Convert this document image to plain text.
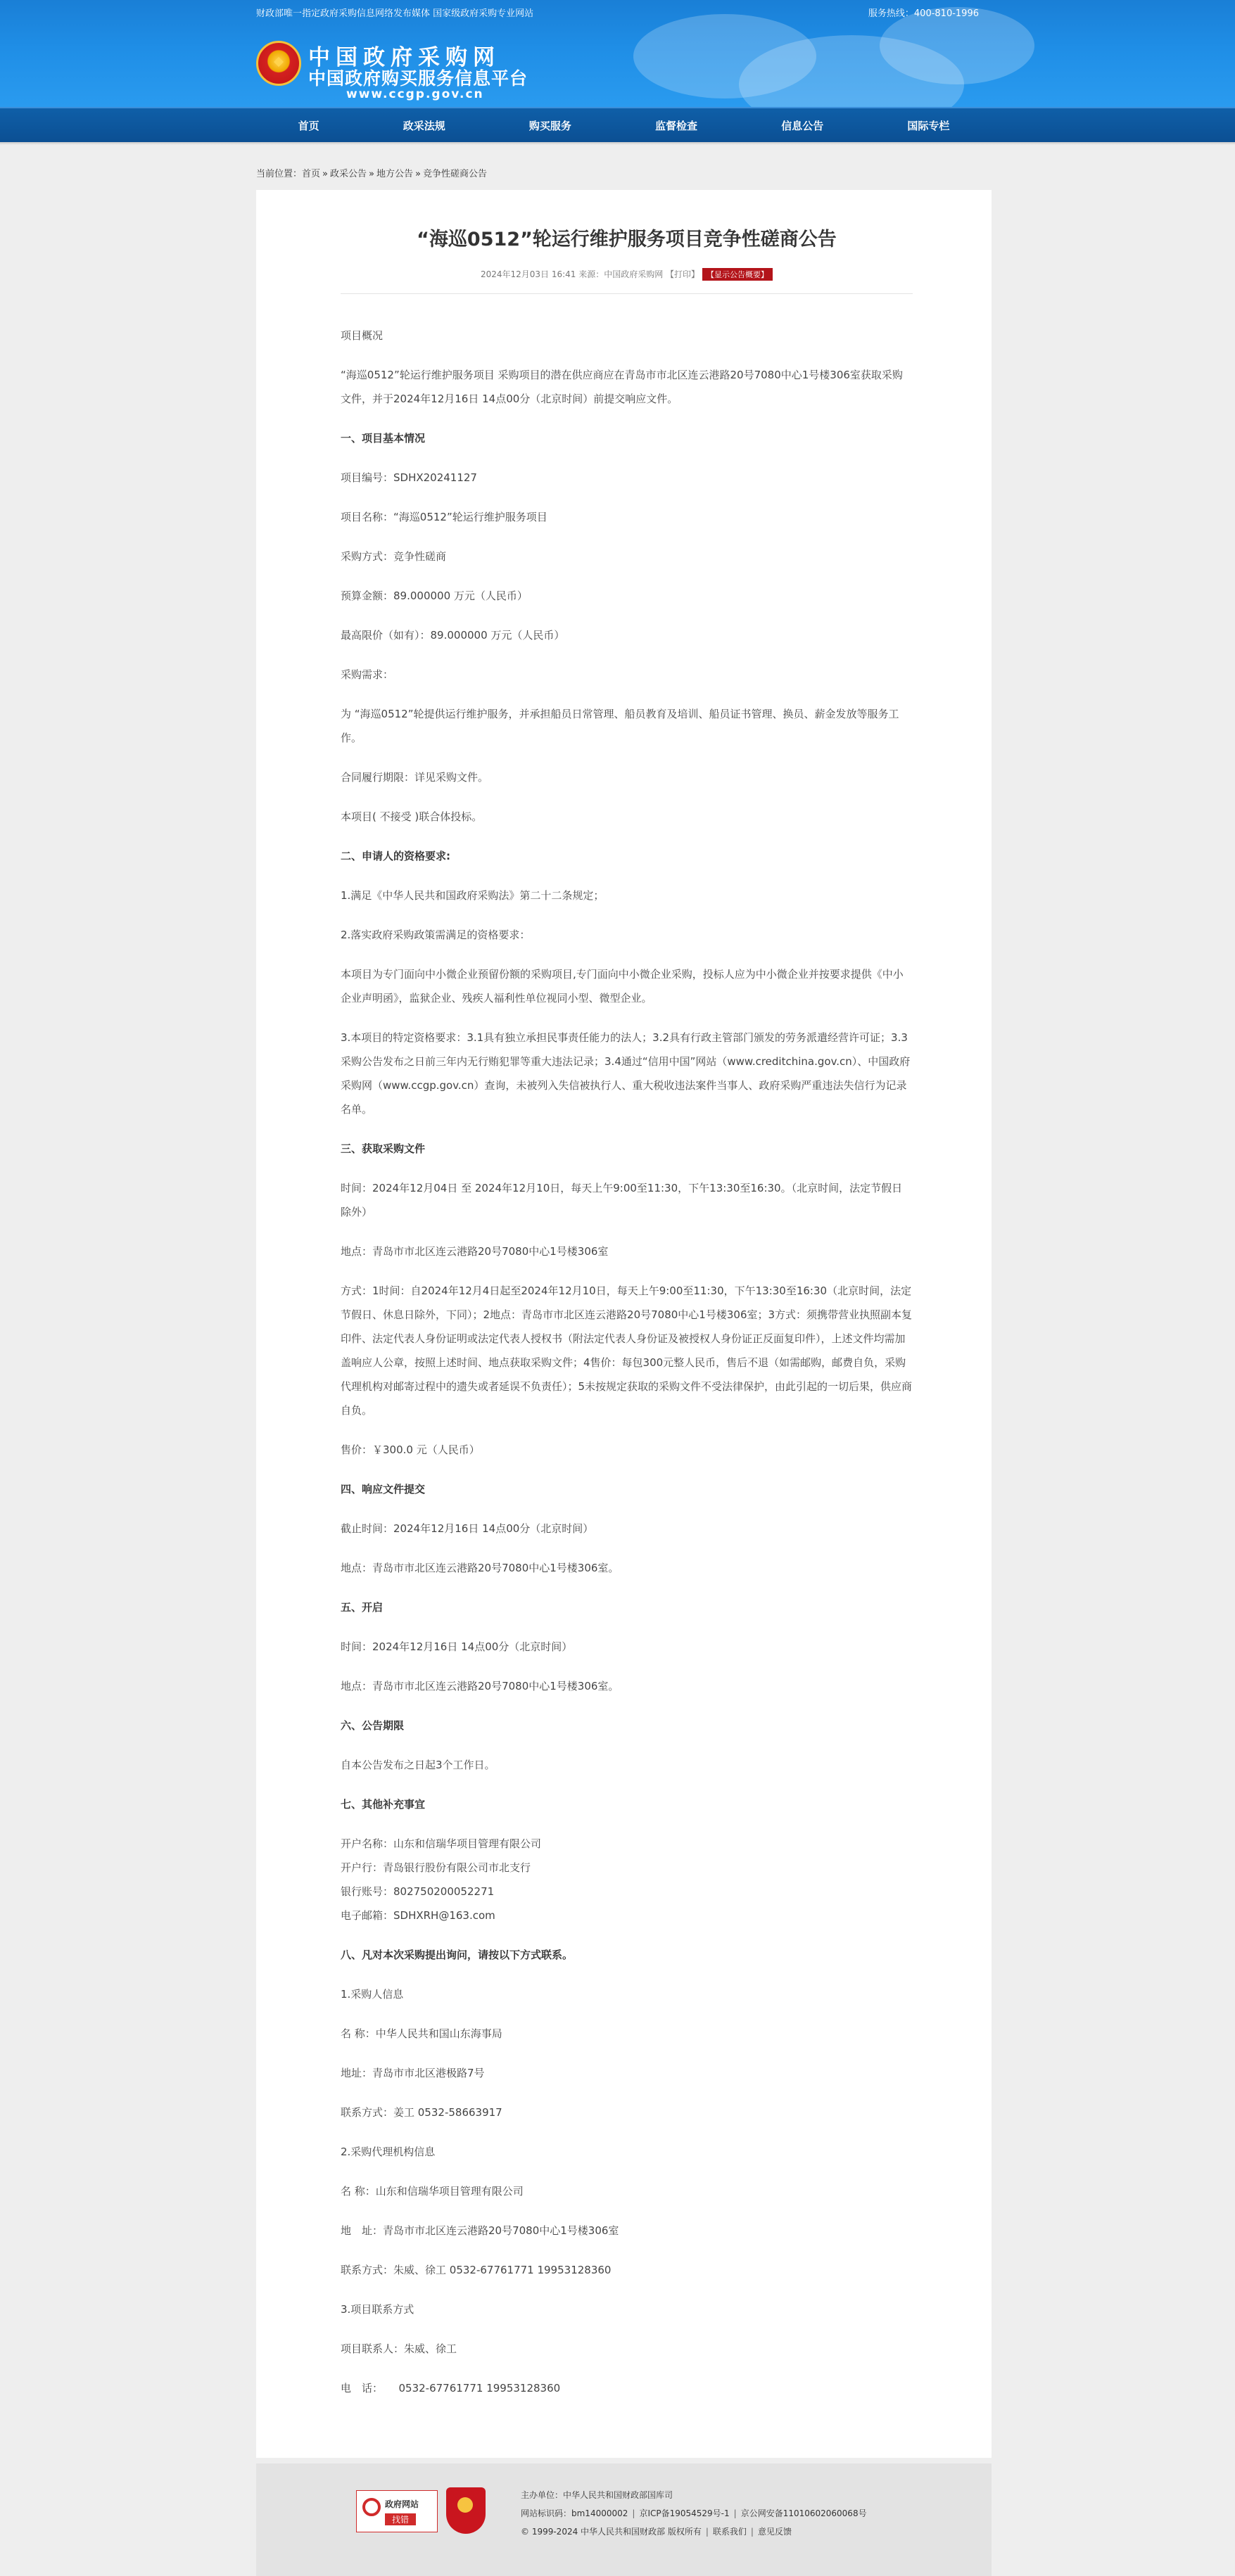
财政部唯一指定政府采购信息网络发布媒体 国家级政府采购专业网站	服务热线：400-810-1996
中国政府采购网
中国政府购买服务信息平台
www.ccgp.gov.cn
首页	政采法规	购买服务	监督检查	信息公告	国际专栏
当前位置：首页 » 政采公告 » 地方公告 » 竞争性磋商公告
“海巡0512”轮运行维护服务项目竞争性磋商公告
2024年12月03日 16:41 来源：中国政府采购网 【打印】 【显示公告概要】

项目概况

“海巡0512”轮运行维护服务项目 采购项目的潜在供应商应在青岛市市北区连云港路20号7080中心1号楼306室获取采购文件，并于2024年12月16日 14点00分（北京时间）前提交响应文件。

一、项目基本情况

项目编号：SDHX20241127

项目名称：“海巡0512”轮运行维护服务项目

采购方式：竞争性磋商

预算金额：89.000000 万元（人民币）

最高限价（如有）：89.000000 万元（人民币）

采购需求：

为 “海巡0512”轮提供运行维护服务，并承担船员日常管理、船员教育及培训、船员证书管理、换员、薪金发放等服务工作。

合同履行期限：详见采购文件。

本项目( 不接受 )联合体投标。

二、申请人的资格要求:

1.满足《中华人民共和国政府采购法》第二十二条规定；

2.落实政府采购政策需满足的资格要求：

本项目为专门面向中小微企业预留份额的采购项目,专门面向中小微企业采购，投标人应为中小微企业并按要求提供《中小企业声明函》，监狱企业、残疾人福利性单位视同小型、微型企业。

3.本项目的特定资格要求：3.1具有独立承担民事责任能力的法人；3.2具有行政主管部门颁发的劳务派遣经营许可证；3.3采购公告发布之日前三年内无行贿犯罪等重大违法记录；3.4通过“信用中国”网站（www.creditchina.gov.cn）、中国政府采购网（www.ccgp.gov.cn）查询，未被列入失信被执行人、重大税收违法案件当事人、政府采购严重违法失信行为记录名单。

三、获取采购文件

时间：2024年12月04日 至 2024年12月10日，每天上午9:00至11:30，下午13:30至16:30。（北京时间，法定节假日除外）

地点：青岛市市北区连云港路20号7080中心1号楼306室

方式：1时间：自2024年12月4日起至2024年12月10日，每天上午9:00至11:30，下午13:30至16:30（北京时间，法定节假日、休息日除外，下同）；2地点：青岛市市北区连云港路20号7080中心1号楼306室；3方式：须携带营业执照副本复印件、法定代表人身份证明或法定代表人授权书（附法定代表人身份证及被授权人身份证正反面复印件），上述文件均需加盖响应人公章，按照上述时间、地点获取采购文件；4售价：每包300元整人民币，售后不退（如需邮购，邮费自负，采购代理机构对邮寄过程中的遗失或者延误不负责任）；5未按规定获取的采购文件不受法律保护，由此引起的一切后果，供应商自负。

售价：￥300.0 元（人民币）

四、响应文件提交

截止时间：2024年12月16日 14点00分（北京时间）

地点：青岛市市北区连云港路20号7080中心1号楼306室。

五、开启

时间：2024年12月16日 14点00分（北京时间）

地点：青岛市市北区连云港路20号7080中心1号楼306室。

六、公告期限

自本公告发布之日起3个工作日。

七、其他补充事宜

开户名称：山东和信瑞华项目管理有限公司

开户行：青岛银行股份有限公司市北支行

银行账号：802750200052271

电子邮箱：SDHXRH@163.com

八、凡对本次采购提出询问，请按以下方式联系。

1.采购人信息

名 称：中华人民共和国山东海事局

地址：青岛市市北区港极路7号

联系方式：姜工 0532-58663917

2.采购代理机构信息

名 称：山东和信瑞华项目管理有限公司

地　址：青岛市市北区连云港路20号7080中心1号楼306室

联系方式：朱威、徐工 0532-67761771 19953128360

3.项目联系方式

项目联系人：朱威、徐工

电　话：　　0532-67761771 19953128360

政府网站
找错
主办单位：中华人民共和国财政部国库司
网站标识码：bm14000002 | 京ICP备19054529号-1 | 京公网安备11010602060068号
© 1999-2024 中华人民共和国财政部 版权所有 | 联系我们 | 意见反馈
